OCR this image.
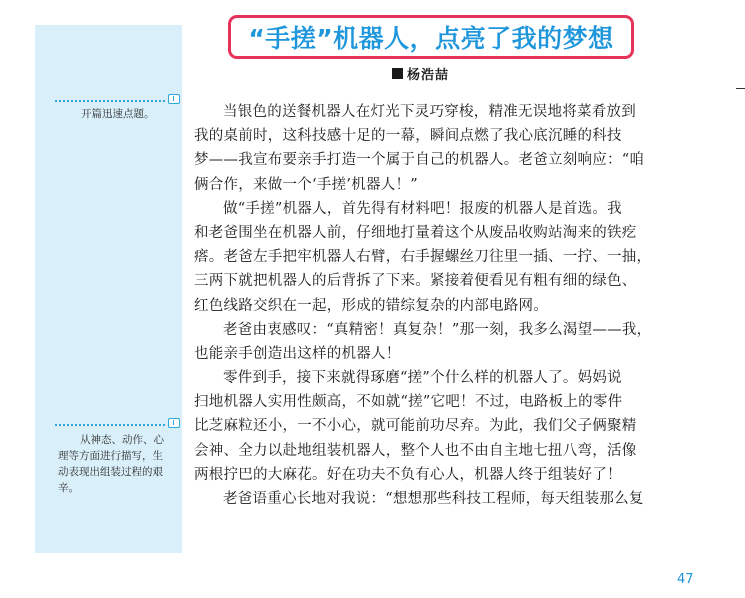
开篇迅速点题。
从神态、动作、心理等方面进行描写，生动表现出组装过程的艰辛。
“手搓”机器人，点亮了我的梦想
杨浩喆
当银色的送餐机器人在灯光下灵巧穿梭，精准无误地将菜肴放到
我的桌前时，这科技感十足的一幕，瞬间点燃了我心底沉睡的科技
梦——我宣布要亲手打造一个属于自己的机器人。老爸立刻响应：“咱
俩合作，来做一个‘手搓’机器人！”
做“手搓”机器人，首先得有材料吧！报废的机器人是首选。我
和老爸围坐在机器人前，仔细地打量着这个从废品收购站淘来的铁疙
瘩。老爸左手把牢机器人右臂，右手握螺丝刀往里一插、一拧、一抽，
三两下就把机器人的后背拆了下来。紧接着便看见有粗有细的绿色、
红色线路交织在一起，形成的错综复杂的内部电路网。
老爸由衷感叹：“真精密！真复杂！”那一刻，我多么渴望——我，
也能亲手创造出这样的机器人！
零件到手，接下来就得琢磨“搓”个什么样的机器人了。妈妈说
扫地机器人实用性颇高，不如就“搓”它吧！不过，电路板上的零件
比芝麻粒还小，一不小心，就可能前功尽弃。为此，我们父子俩聚精
会神、全力以赴地组装机器人，整个人也不由自主地七扭八弯，活像
两根拧巴的大麻花。好在功夫不负有心人，机器人终于组装好了！
老爸语重心长地对我说：“想想那些科技工程师，每天组装那么复
47
